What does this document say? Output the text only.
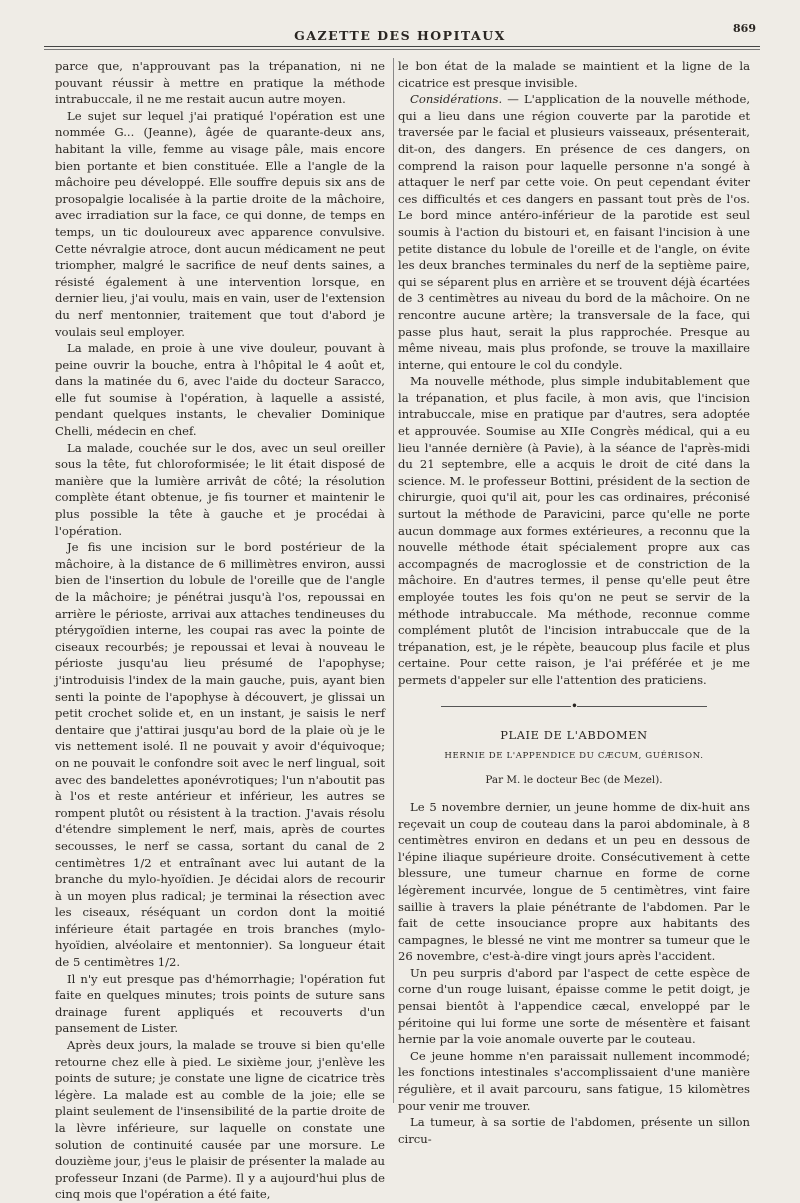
GAZETTE DES HOPITAUX	869

parce que, n'approuvant pas la trépanation, ni ne pouvant réussir à mettre en pratique la méthode intrabuccale, il ne me restait aucun autre moyen.

Le sujet sur lequel j'ai pratiqué l'opération est une nommée G... (Jeanne), âgée de quarante-deux ans, habitant la ville, femme au visage pâle, mais encore bien portante et bien constituée. Elle a l'angle de la mâchoire peu développé. Elle souffre depuis six ans de prosopalgie localisée à la partie droite de la mâchoire, avec irradiation sur la face, ce qui donne, de temps en temps, un tic douloureux avec apparence convulsive. Cette névralgie atroce, dont aucun médicament ne peut triompher, malgré le sacrifice de neuf dents saines, a résisté également à une intervention lorsque, en dernier lieu, j'ai voulu, mais en vain, user de l'extension du nerf mentonnier, traitement que tout d'abord je voulais seul employer.

La malade, en proie à une vive douleur, pouvant à peine ouvrir la bouche, entra à l'hôpital le 4 août et, dans la matinée du 6, avec l'aide du docteur Saracco, elle fut soumise à l'opération, à laquelle a assisté, pendant quelques instants, le chevalier Dominique Chelli, médecin en chef.

La malade, couchée sur le dos, avec un seul oreiller sous la tête, fut chloroformisée; le lit était disposé de manière que la lumière arrivât de côté; la résolution complète étant obtenue, je fis tourner et maintenir le plus possible la tête à gauche et je procédai à l'opération.

Je fis une incision sur le bord postérieur de la mâchoire, à la distance de 6 millimètres environ, aussi bien de l'insertion du lobule de l'oreille que de l'angle de la mâchoire; je pénétrai jusqu'à l'os, repoussai en arrière le périoste, arrivai aux attaches tendineuses du ptérygoïdien interne, les coupai ras avec la pointe de ciseaux recourbés; je repoussai et levai à nouveau le périoste jusqu'au lieu présumé de l'apophyse; j'introduisis l'index de la main gauche, puis, ayant bien senti la pointe de l'apophyse à découvert, je glissai un petit crochet solide et, en un instant, je saisis le nerf dentaire que j'attirai jusqu'au bord de la plaie où je le vis nettement isolé. Il ne pouvait y avoir d'équivoque; on ne pouvait le confondre soit avec le nerf lingual, soit avec des bandelettes aponévrotiques; l'un n'aboutit pas à l'os et reste antérieur et inférieur, les autres se rompent plutôt ou résistent à la traction. J'avais résolu d'étendre simplement le nerf, mais, après de courtes secousses, le nerf se cassa, sortant du canal de 2 centimètres 1/2 et entraînant avec lui autant de la branche du mylo-hyoïdien. Je décidai alors de recourir à un moyen plus radical; je terminai la résection avec les ciseaux, réséquant un cordon dont la moitié inférieure était partagée en trois branches (mylo-hyoïdien, alvéolaire et mentonnier). Sa longueur était de 5 centimètres 1/2.

Il n'y eut presque pas d'hémorrhagie; l'opération fut faite en quelques minutes; trois points de suture sans drainage furent appliqués et recouverts d'un pansement de Lister.

Après deux jours, la malade se trouve si bien qu'elle retourne chez elle à pied. Le sixième jour, j'enlève les points de suture; je constate une ligne de cicatrice très légère. La malade est au comble de la joie; elle se plaint seulement de l'insensibilité de la partie droite de la lèvre inférieure, sur laquelle on constate une solution de continuité causée par une morsure. Le douzième jour, j'eus le plaisir de présenter la malade au professeur Inzani (de Parme). Il y a aujourd'hui plus de cinq mois que l'opération a été faite,

le bon état de la malade se maintient et la ligne de la cicatrice est presque invisible.

Considérations. — L'application de la nouvelle méthode, qui a lieu dans une région couverte par la parotide et traversée par le facial et plusieurs vaisseaux, présenterait, dit-on, des dangers. En présence de ces dangers, on comprend la raison pour laquelle personne n'a songé à attaquer le nerf par cette voie. On peut cependant éviter ces difficultés et ces dangers en passant tout près de l'os. Le bord mince antéro-inférieur de la parotide est seul soumis à l'action du bistouri et, en faisant l'incision à une petite distance du lobule de l'oreille et de l'angle, on évite les deux branches terminales du nerf de la septième paire, qui se séparent plus en arrière et se trouvent déjà écartées de 3 centimètres au niveau du bord de la mâchoire. On ne rencontre aucune artère; la transversale de la face, qui passe plus haut, serait la plus rapprochée. Presque au même niveau, mais plus profonde, se trouve la maxillaire interne, qui entoure le col du condyle.

Ma nouvelle méthode, plus simple indubitablement que la trépanation, et plus facile, à mon avis, que l'incision intrabuccale, mise en pratique par d'autres, sera adoptée et approuvée. Soumise au XIIe Congrès médical, qui a eu lieu l'année dernière (à Pavie), à la séance de l'après-midi du 21 septembre, elle a acquis le droit de cité dans la science. M. le professeur Bottini, président de la section de chirurgie, quoi qu'il ait, pour les cas ordinaires, préconisé surtout la méthode de Paravicini, parce qu'elle ne porte aucun dommage aux formes extérieures, a reconnu que la nouvelle méthode était spécialement propre aux cas accompagnés de macroglossie et de constriction de la mâchoire. En d'autres termes, il pense qu'elle peut être employée toutes les fois qu'on ne peut se servir de la méthode intrabuccale. Ma méthode, reconnue comme complément plutôt de l'incision intrabuccale que de la trépanation, est, je le répète, beaucoup plus facile et plus certaine. Pour cette raison, je l'ai préférée et je me permets d'appeler sur elle l'attention des praticiens.

•
PLAIE DE L'ABDOMEN
HERNIE DE L'APPENDICE DU CÆCUM, GUÉRISON.
Par M. le docteur Bec (de Mezel).

Le 5 novembre dernier, un jeune homme de dix-huit ans reçevait un coup de couteau dans la paroi abdominale, à 8 centimètres environ en dedans et un peu en dessous de l'épine iliaque supérieure droite. Consécutivement à cette blessure, une tumeur charnue en forme de corne légèrement incurvée, longue de 5 centimètres, vint faire saillie à travers la plaie pénétrante de l'abdomen. Par le fait de cette insouciance propre aux habitants des campagnes, le blessé ne vint me montrer sa tumeur que le 26 novembre, c'est-à-dire vingt jours après l'accident.

Un peu surpris d'abord par l'aspect de cette espèce de corne d'un rouge luisant, épaisse comme le petit doigt, je pensai bientôt à l'appendice cæcal, enveloppé par le péritoine qui lui forme une sorte de mésentère et faisant hernie par la voie anomale ouverte par le couteau.

Ce jeune homme n'en paraissait nullement incommodé; les fonctions intestinales s'accomplissaient d'une manière régulière, et il avait parcouru, sans fatigue, 15 kilomètres pour venir me trouver.

La tumeur, à sa sortie de l'abdomen, présente un sillon circu-
